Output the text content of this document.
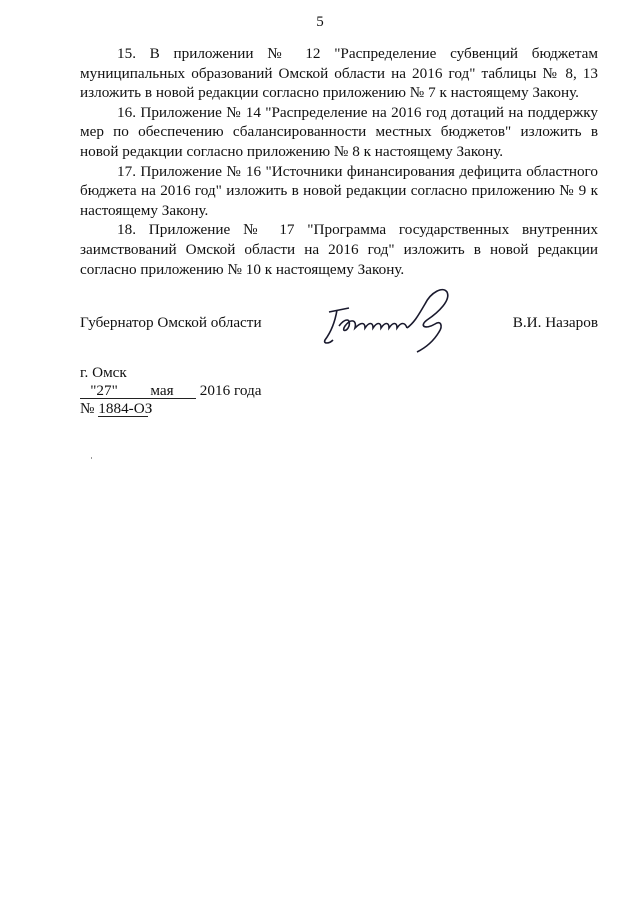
5

15. В приложении № 12 "Распределение субвенций бюджетам муниципальных образований Омской области на 2016 год" таблицы № 8, 13 изложить в новой редакции согласно приложению № 7 к настоящему Закону.

16. Приложение № 14 "Распределение на 2016 год дотаций на поддержку мер по обеспечению сбалансированности местных бюджетов" изложить в новой редакции согласно приложению № 8 к настоящему Закону.

17. Приложение № 16 "Источники финансирования дефицита областного бюджета на 2016 год" изложить в новой редакции согласно приложению № 9 к настоящему Закону.

18. Приложение № 17 "Программа государственных внутренних заимствований Омской области на 2016 год" изложить в новой редакции согласно приложению № 10 к настоящему Закону.

Губернатор Омской области	В.И. Назаров
г. Омск
"27" мая 2016 года
№ 1884-ОЗ
